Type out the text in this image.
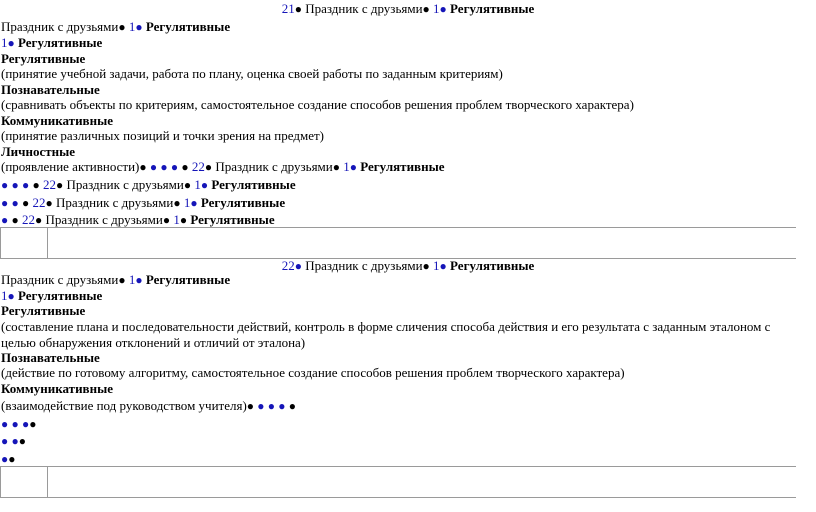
21● Праздник с друзьями● 1● Регулятивные
Праздник с друзьями● 1● Регулятивные
1● Регулятивные
Регулятивные
(принятие учебной задачи, работа по плану, оценка своей работы по заданным критериям)
Познавательные
(сравнивать объекты по критериям, самостоятельное создание способов решения проблем творческого характера)
Коммуникативные
(принятие различных позиций и точки зрения на предмет)
Личностные
(проявление активности)● ● ● ● ● 22● Праздник с друзьями● 1● Регулятивные
● ● ● ● 22● Праздник с друзьями● 1● Регулятивные
● ● ● 22● Праздник с друзьями● 1● Регулятивные
● ● 22● Праздник с друзьями● 1● Регулятивные
22● Праздник с друзьями● 1● Регулятивные
Праздник с друзьями● 1● Регулятивные
1● Регулятивные
Регулятивные
(составление плана и последовательности действий, контроль в форме сличения способа действия и его результата с заданным эталоном с целью обнаружения отклонений и отличий от эталона)
Познавательные
(действие по готовому алгоритму, самостоятельное создание способов решения проблем творческого характера)
Коммуникативные
(взаимодействие под руководством учителя)● ● ● ● ●
● ● ●●
● ●●
●●
